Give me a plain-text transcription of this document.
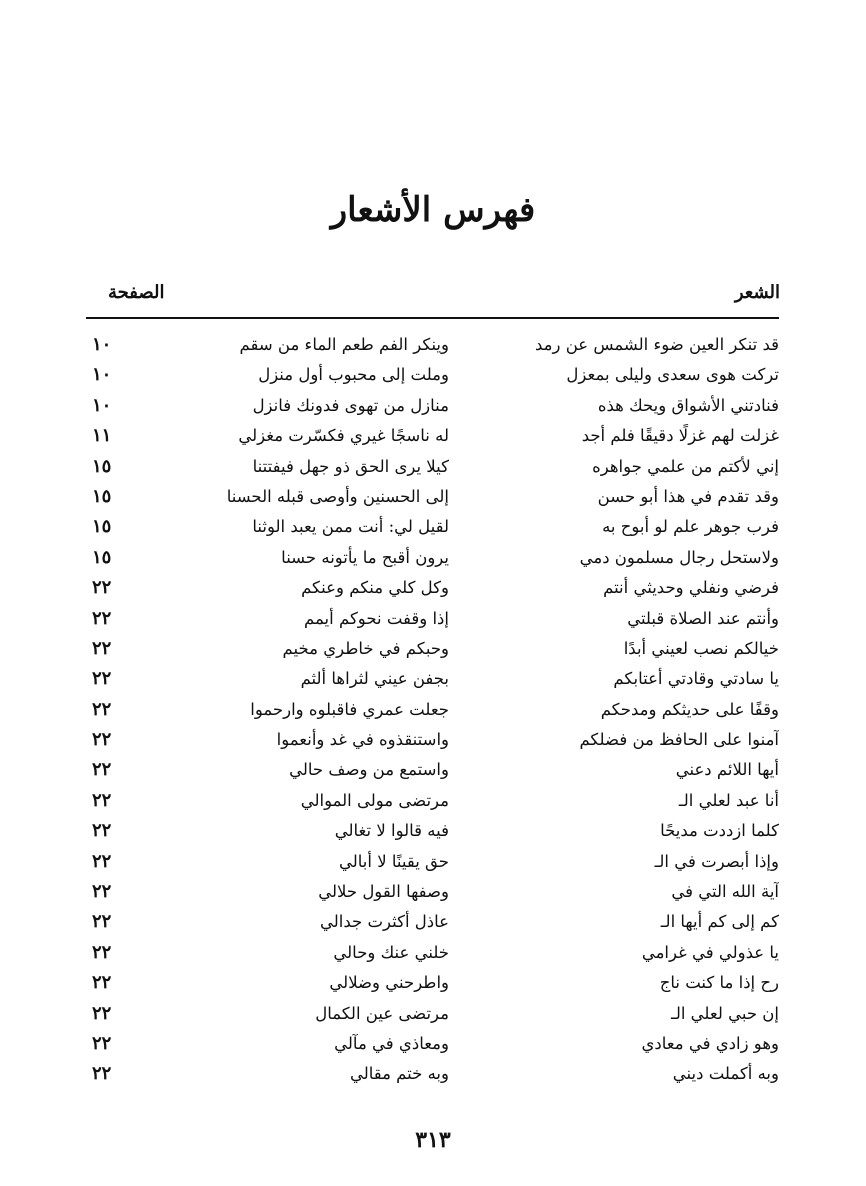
فهرس الأشعار
الشعر
الصفحة
قد تنكر العين ضوء الشمس عن رمد
وينكر الفم طعم الماء من سقم
١٠
تركت هوى سعدى وليلى بمعزل
وملت إلى محبوب أول منزل
١٠
فنادتني الأشواق ويحك هذه
منازل من تهوى فدونك فانزل
١٠
غزلت لهم غزلًا دقيقًا فلم أجد
له ناسجًا غيري فكسّرت مغزلي
١١
إني لأكتم من علمي جواهره
كيلا يرى الحق ذو جهل فيفتتنا
١٥
وقد تقدم في هذا أبو حسن
إلى الحسنين وأوصى قبله الحسنا
١٥
فرب جوهر علم لو أبوح به
لقيل لي: أنت ممن يعبد الوثنا
١٥
ولاستحل رجال مسلمون دمي
يرون أقبح ما يأتونه حسنا
١٥
فرضي ونفلي وحديثي أنتم
وكل كلي منكم وعنكم
٢٢
وأنتم عند الصلاة قبلتي
إذا وقفت نحوكم أيمم
٢٢
خيالكم نصب لعيني أبدًا
وحبكم في خاطري مخيم
٢٢
يا سادتي وقادتي أعتابكم
بجفن عيني لثراها ألثم
٢٢
وقفًا على حديثكم ومدحكم
جعلت عمري فاقبلوه وارحموا
٢٢
آمنوا على الحافظ من فضلكم
واستنقذوه في غد وأنعموا
٢٢
أيها اللائم دعني
واستمع من وصف حالي
٢٢
أنا عبد لعلي الـ
مرتضى مولى الموالي
٢٢
كلما ازددت مديحًا
فيه قالوا لا تغالي
٢٢
وإذا أبصرت في الـ
حق يقينًا لا أبالي
٢٢
آية الله التي في
وصفها القول حلالي
٢٢
كم إلى كم أيها الـ
عاذل أكثرت جدالي
٢٢
يا عذولي في غرامي
خلني عنك وحالي
٢٢
رح إذا ما كنت ناج
واطرحني وضلالي
٢٢
إن حبي لعلي الـ
مرتضى عين الكمال
٢٢
وهو زادي في معادي
ومعاذي في مآلي
٢٢
وبه أكملت ديني
وبه ختم مقالي
٢٢
٣١٣
